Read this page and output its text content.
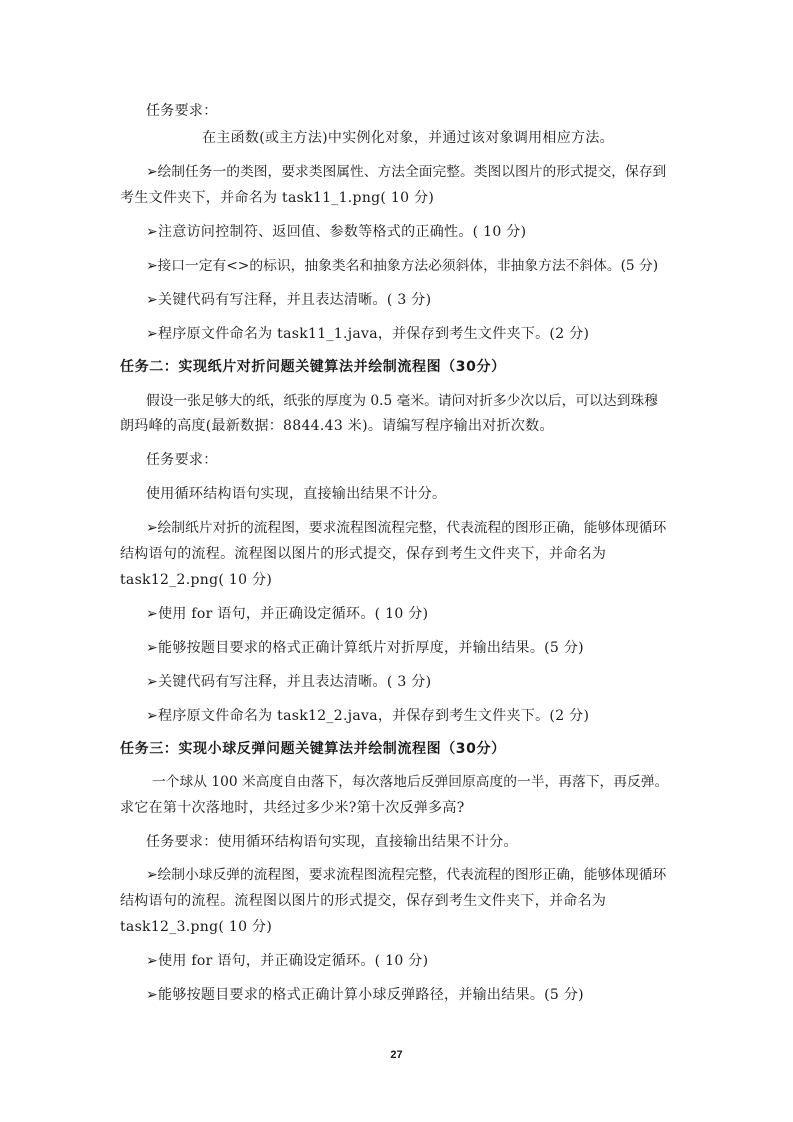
任务要求：
在主函数(或主方法)中实例化对象，并通过该对象调用相应方法。
➢绘制任务一的类图，要求类图属性、方法全面完整。类图以图片的形式提交，保存到
考生文件夹下，并命名为 task11_1.png( 10 分)
➢注意访问控制符、返回值、参数等格式的正确性。( 10 分)
➢接口一定有<>的标识，抽象类名和抽象方法必须斜体，非抽象方法不斜体。(5 分)
➢关键代码有写注释，并且表达清晰。( 3 分)
➢程序原文件命名为 task11_1.java，并保存到考生文件夹下。(2 分)
任务二：实现纸片对折问题关键算法并绘制流程图（30分）
假设一张足够大的纸，纸张的厚度为 0.5 毫米。请问对折多少次以后，可以达到珠穆
朗玛峰的高度(最新数据：8844.43 米)。请编写程序输出对折次数。
任务要求：
使用循环结构语句实现，直接输出结果不计分。
➢绘制纸片对折的流程图，要求流程图流程完整，代表流程的图形正确，能够体现循环
结构语句的流程。流程图以图片的形式提交，保存到考生文件夹下，并命名为
task12_2.png( 10 分)
➢使用 for 语句，并正确设定循环。( 10 分)
➢能够按题目要求的格式正确计算纸片对折厚度，并输出结果。(5 分)
➢关键代码有写注释，并且表达清晰。( 3 分)
➢程序原文件命名为 task12_2.java，并保存到考生文件夹下。(2 分)
任务三：实现小球反弹问题关键算法并绘制流程图（30分）
一个球从 100 米高度自由落下，每次落地后反弹回原高度的一半，再落下，再反弹。
求它在第十次落地时，共经过多少米?第十次反弹多高?
任务要求：使用循环结构语句实现，直接输出结果不计分。
➢绘制小球反弹的流程图，要求流程图流程完整，代表流程的图形正确，能够体现循环
结构语句的流程。流程图以图片的形式提交，保存到考生文件夹下，并命名为
task12_3.png( 10 分)
➢使用 for 语句，并正确设定循环。( 10 分)
➢能够按题目要求的格式正确计算小球反弹路径，并输出结果。(5 分)
27
